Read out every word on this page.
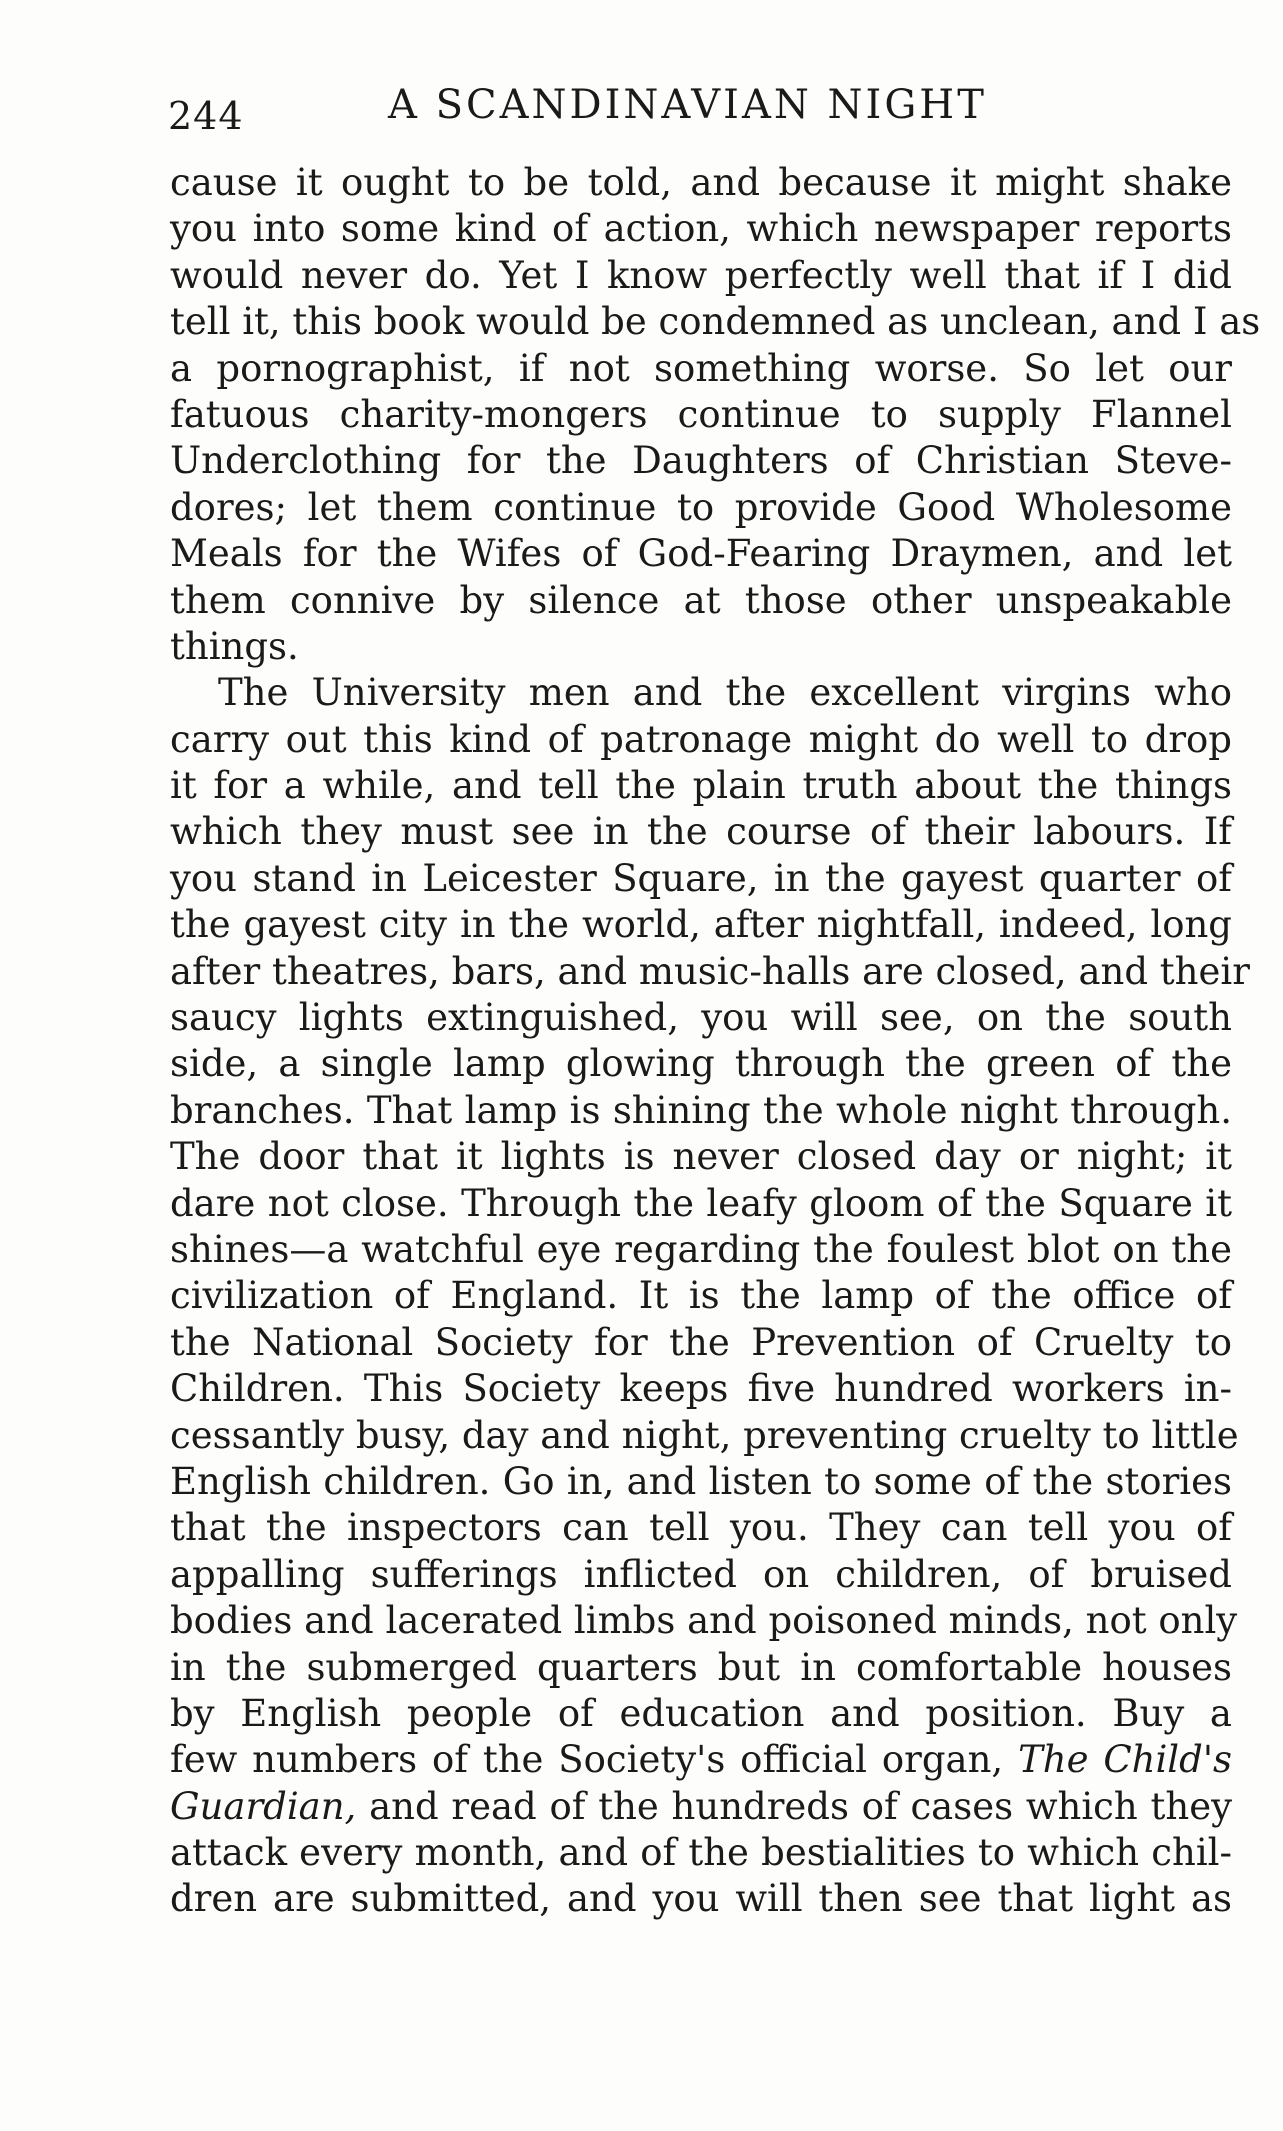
244	A SCANDINAVIAN NIGHT
cause it ought to be told, and because it might shake
you into some kind of action, which newspaper reports
would never do. Yet I know perfectly well that if I did
tell it, this book would be condemned as unclean, and I as
a pornographist, if not something worse. So let our
fatuous charity-mongers continue to supply Flannel
Underclothing for the Daughters of Christian Steve-
dores; let them continue to provide Good Wholesome
Meals for the Wifes of God-Fearing Draymen, and let
them connive by silence at those other unspeakable
things.
The University men and the excellent virgins who
carry out this kind of patronage might do well to drop
it for a while, and tell the plain truth about the things
which they must see in the course of their labours. If
you stand in Leicester Square, in the gayest quarter of
the gayest city in the world, after nightfall, indeed, long
after theatres, bars, and music-halls are closed, and their
saucy lights extinguished, you will see, on the south
side, a single lamp glowing through the green of the
branches. That lamp is shining the whole night through.
The door that it lights is never closed day or night; it
dare not close. Through the leafy gloom of the Square it
shines—a watchful eye regarding the foulest blot on the
civilization of England. It is the lamp of the office of
the National Society for the Prevention of Cruelty to
Children. This Society keeps five hundred workers in-
cessantly busy, day and night, preventing cruelty to little
English children. Go in, and listen to some of the stories
that the inspectors can tell you. They can tell you of
appalling sufferings inflicted on children, of bruised
bodies and lacerated limbs and poisoned minds, not only
in the submerged quarters but in comfortable houses
by English people of education and position. Buy a
few numbers of the Society's official organ, The Child's
Guardian, and read of the hundreds of cases which they
attack every month, and of the bestialities to which chil-
dren are submitted, and you will then see that light as
